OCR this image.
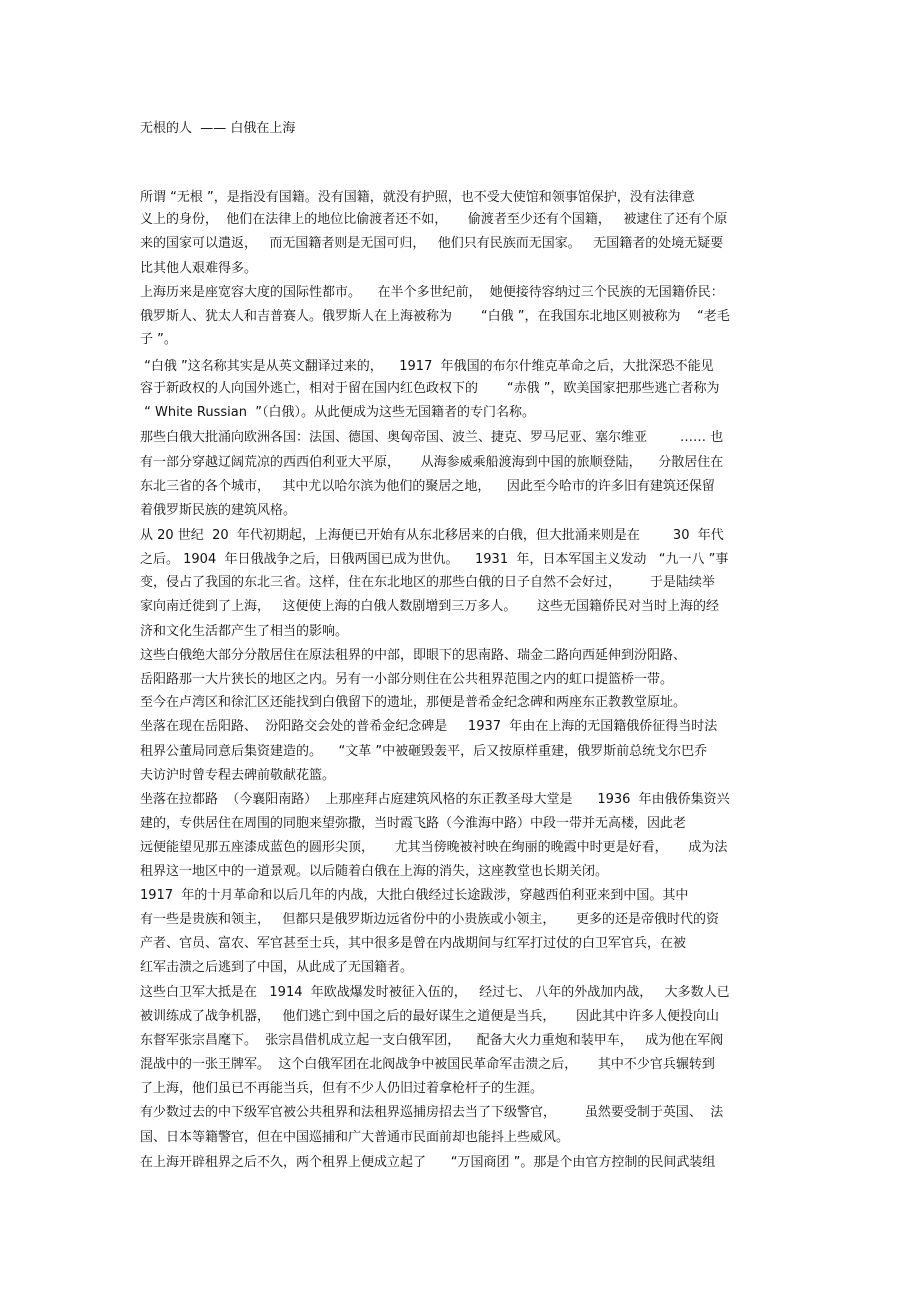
无根的人  —— 白俄在上海
所谓 “无根 ”，是指没有国籍。没有国籍，就没有护照，也不受大使馆和领事馆保护，没有法律意
义上的身份，  他们在法律上的地位比偷渡者还不如，     偷渡者至少还有个国籍，   被逮住了还有个原
来的国家可以遣返，   而无国籍者则是无国可归，   他们只有民族而无国家。   无国籍者的处境无疑要
比其他人艰难得多。
上海历来是座宽容大度的国际性都市。    在半个多世纪前，  她便接待容纳过三个民族的无国籍侨民：
俄罗斯人、犹太人和吉普赛人。俄罗斯人在上海被称为       “白俄 ”，在我国东北地区则被称为    “老毛
子 ”。
“白俄 ”这名称其实是从英文翻译过来的，    1917  年俄国的布尔什维克革命之后，大批深恐不能见
容于新政权的人向国外逃亡，相对于留在国内红色政权下的       “赤俄 ”，欧美国家把那些逃亡者称为
“ White Russian  ”（白俄）。从此便成为这些无国籍者的专门名称。
那些白俄大批涌向欧洲各国：法国、德国、奥匈帝国、波兰、捷克、罗马尼亚、塞尔维亚        …… 也
有一部分穿越辽阔荒凉的西西伯利亚大平原，     从海参威乘船渡海到中国的旅顺登陆，    分散居住在
东北三省的各个城市，   其中尤以哈尔滨为他们的聚居之地，    因此至今哈市的许多旧有建筑还保留
着俄罗斯民族的建筑风格。
从 20 世纪  20  年代初期起，上海便已开始有从东北移居来的白俄，但大批涌来则是在        30  年代
之后。 1904  年日俄战争之后，日俄两国已成为世仇。    1931  年，日本军国主义发动   “九一八 ”事
变，侵占了我国的东北三省。这样，住在东北地区的那些白俄的日子自然不会好过，       于是陆续举
家向南迁徙到了上海，   这便使上海的白俄人数剧增到三万多人。     这些无国籍侨民对当时上海的经
济和文化生活都产生了相当的影响。
这些白俄绝大部分分散居住在原法租界的中部，即眼下的思南路、瑞金二路向西延伸到汾阳路、
岳阳路那一大片狭长的地区之内。另有一小部分则住在公共租界范围之内的虹口提篮桥一带。
至今在卢湾区和徐汇区还能找到白俄留下的遗址，那便是普希金纪念碑和两座东正教教堂原址。
坐落在现在岳阳路、  汾阳路交会处的普希金纪念碑是     1937  年由在上海的无国籍俄侨征得当时法
租界公董局同意后集资建造的。    “文革 ”中被砸毁轰平，后又按原样重建，俄罗斯前总统戈尔巴乔
夫访沪时曾专程去碑前敬献花篮。
坐落在拉都路  （今襄阳南路）  上那座拜占庭建筑风格的东正教圣母大堂是      1936  年由俄侨集资兴
建的，专供居住在周围的同胞来望弥撒，当时霞飞路（今淮海中路）中段一带并无高楼，因此老
远便能望见那五座漆成蓝色的圆形尖顶，     尤其当傍晚被衬映在绚丽的晚霞中时更是好看，     成为法
租界这一地区中的一道景观。以后随着白俄在上海的消失，这座教堂也长期关闭。
1917  年的十月革命和以后几年的内战，大批白俄经过长途跋涉，穿越西伯利亚来到中国。其中
有一些是贵族和领主，   但都只是俄罗斯边远省份中的小贵族或小领主，     更多的还是帝俄时代的资
产者、官员、富农、军官甚至士兵，其中很多是曾在内战期间与红军打过仗的白卫军官兵，在被
红军击溃之后逃到了中国，从此成了无国籍者。
这些白卫军大抵是在   1914  年欧战爆发时被征入伍的，   经过七、 八年的外战加内战，   大多数人已
被训练成了战争机器，   他们逃亡到中国之后的最好谋生之道便是当兵，     因此其中许多人便投向山
东督军张宗昌麾下。  张宗昌借机成立起一支白俄军团，    配备大火力重炮和装甲车，   成为他在军阀
混战中的一张王牌军。  这个白俄军团在北阀战争中被国民革命军击溃之后，     其中不少官兵辗转到
了上海，他们虽已不再能当兵，但有不少人仍旧过着拿枪杆子的生涯。
有少数过去的中下级军官被公共租界和法租界巡捕房招去当了下级警官，       虽然要受制于英国、  法
国、日本等籍警官，但在中国巡捕和广大普通市民面前却也能抖上些威风。
在上海开辟租界之后不久，两个租界上便成立起了      “万国商团 ”。那是个由官方控制的民间武装组
